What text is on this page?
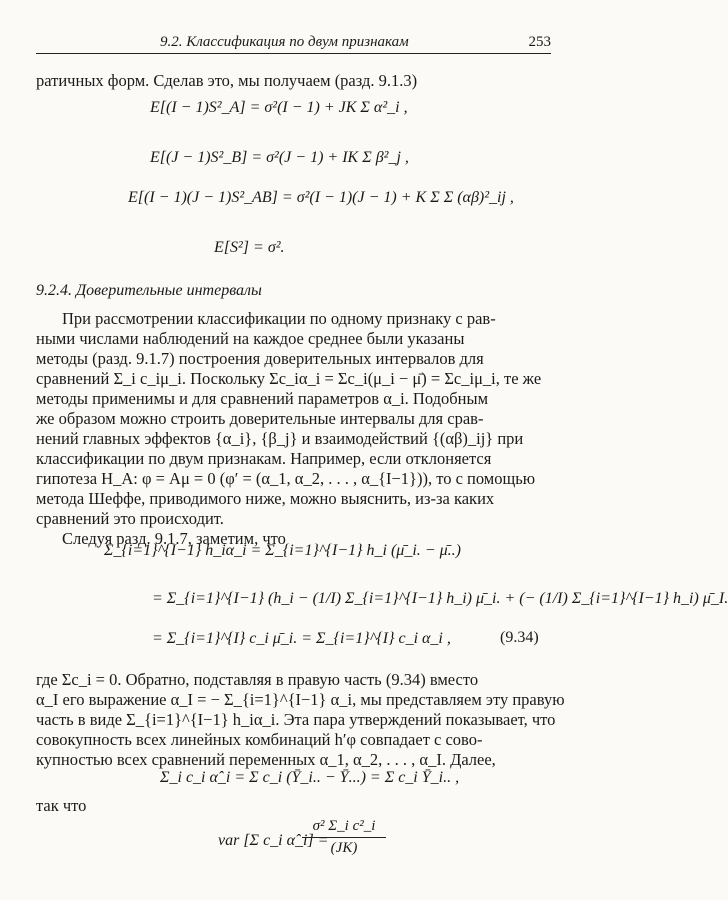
9.2. Классификация по двум признакам	253
ратичных форм. Сделав это, мы получаем (разд. 9.1.3)
E[(I − 1)S²_A] = σ²(I − 1) + JK Σ α²_i ,
E[(J − 1)S²_B] = σ²(J − 1) + IK Σ β²_j ,
E[(I − 1)(J − 1)S²_AB] = σ²(I − 1)(J − 1) + K Σ Σ (αβ)²_ij ,
E[S²] = σ².
9.2.4. Доверительные интервалы
При рассмотрении классификации по одному признаку с рав-
ными числами наблюдений на каждое среднее были указаны
методы (разд. 9.1.7) построения доверительных интервалов для
сравнений Σ_i c_iμ_i. Поскольку Σc_iα_i = Σc_i(μ_i − μ̄) = Σc_iμ_i, те же
методы применимы и для сравнений параметров α_i. Подобным
же образом можно строить доверительные интервалы для срав-
нений главных эффектов {α_i}, {β_j} и взаимодействий {(αβ)_ij} при
классификации по двум признакам. Например, если отклоняется
гипотеза H_A: φ = Aμ = 0 (φ′ = (α_1, α_2, . . . , α_{I−1})), то с помощью
метода Шеффе, приводимого ниже, можно выяснить, из-за каких
сравнений это происходит.
Следуя разд. 9.1.7, заметим, что
Σ_{i=1}^{I−1} h_iα_i = Σ_{i=1}^{I−1} h_i (μ̄_i. − μ̄..)
= Σ_{i=1}^{I−1} (h_i − (1/I) Σ_{i=1}^{I−1} h_i) μ̄_i. + (− (1/I) Σ_{i=1}^{I−1} h_i) μ̄_I.
= Σ_{i=1}^{I} c_i μ̄_i. = Σ_{i=1}^{I} c_i α_i ,	(9.34)
где Σc_i = 0. Обратно, подставляя в правую часть (9.34) вместо
α_I его выражение α_I = − Σ_{i=1}^{I−1} α_i, мы представляем эту правую
часть в виде Σ_{i=1}^{I−1} h_iα_i. Эта пара утверждений показывает, что
совокупность всех линейных комбинаций h′φ совпадает с сово-
купностью всех сравнений переменных α_1, α_2, . . . , α_I. Далее,
Σ_i c_i α̂_i = Σ c_i (Ȳ_i.. − Ȳ...) = Σ c_i Ȳ_i.. ,
так что
var [Σ c_i α̂_i] =
$\frac{\text{σ² Σ\_i c²\_i}}{(JK)}$
